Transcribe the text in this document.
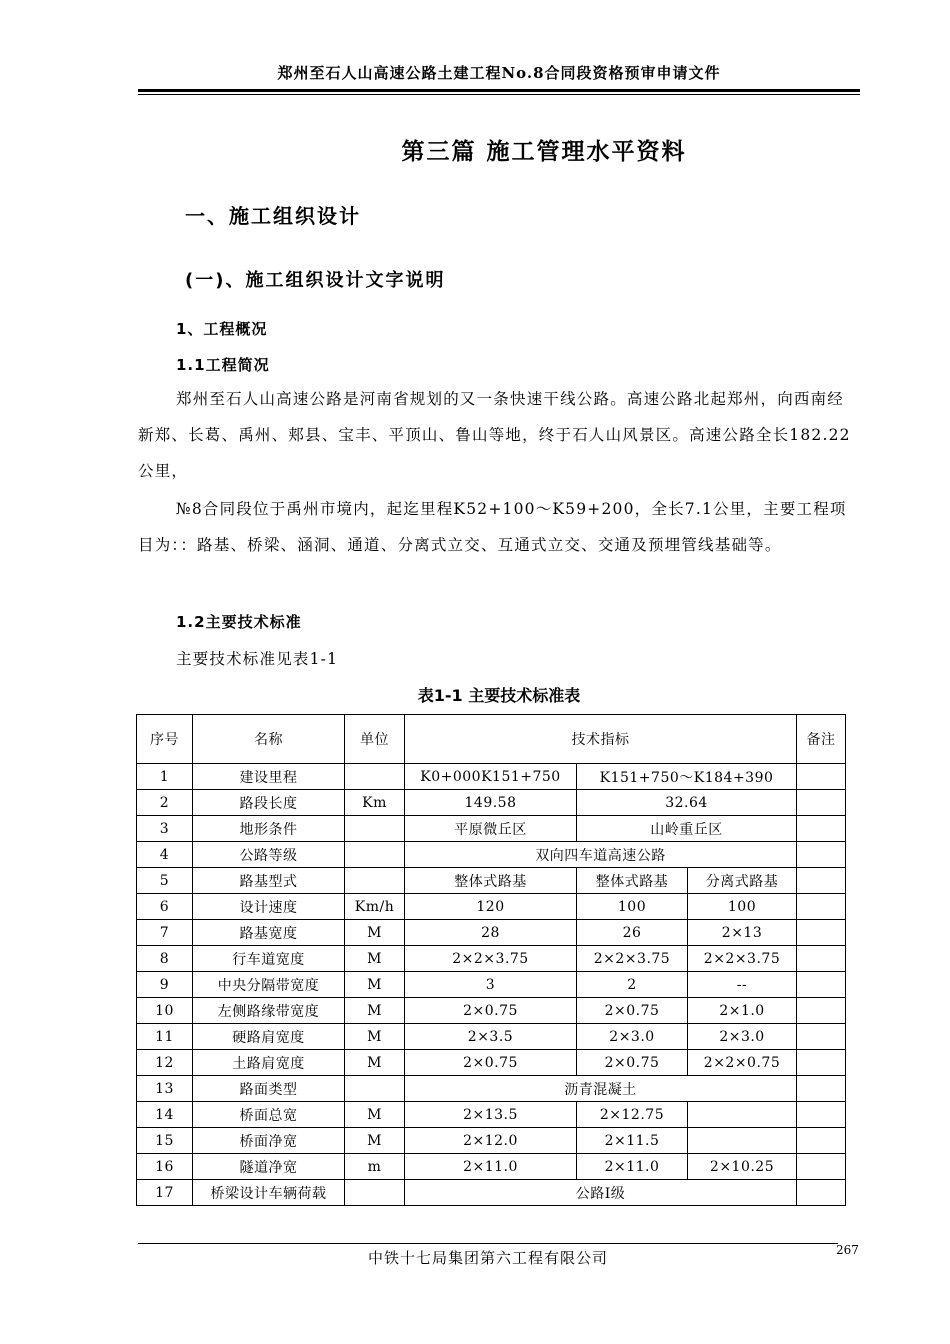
郑州至石人山高速公路土建工程No.8合同段资格预审申请文件
第三篇 施工管理水平资料
一、施工组织设计
(一)、施工组织设计文字说明
1、工程概况
1.1工程简况
郑州至石人山高速公路是河南省规划的又一条快速干线公路。高速公路北起郑州，向西南经新郑、长葛、禹州、郏县、宝丰、平顶山、鲁山等地，终于石人山风景区。高速公路全长182.22公里，
№8合同段位于禹州市境内，起迄里程K52+100～K59+200，全长7.1公里，主要工程项目为：：路基、桥梁、涵洞、通道、分离式立交、互通式立交、交通及预埋管线基础等。
1.2主要技术标准
主要技术标准见表1-1
表1-1 主要技术标准表
序号	名称	单位	技术指标			备注
1	建设里程		K0+000K151+750	K151+750～K184+390		
2	路段长度	Km	149.58	32.64		
3	地形条件		平原微丘区	山岭重丘区		
4	公路等级		双向四车道高速公路			
5	路基型式		整体式路基	整体式路基	分离式路基	
6	设计速度	Km/h	120	100	100	
7	路基宽度	M	28	26	2×13	
8	行车道宽度	M	2×2×3.75	2×2×3.75	2×2×3.75	
9	中央分隔带宽度	M	3	2	--	
10	左侧路缘带宽度	M	2×0.75	2×0.75	2×1.0	
11	硬路肩宽度	M	2×3.5	2×3.0	2×3.0	
12	土路肩宽度	M	2×0.75	2×0.75	2×2×0.75	
13	路面类型		沥青混凝土			
14	桥面总宽	M	2×13.5	2×12.75		
15	桥面净宽	M	2×12.0	2×11.5		
16	隧道净宽	m	2×11.0	2×11.0	2×10.25	
17	桥梁设计车辆荷载		公路Ⅰ级			
中铁十七局集团第六工程有限公司	267
